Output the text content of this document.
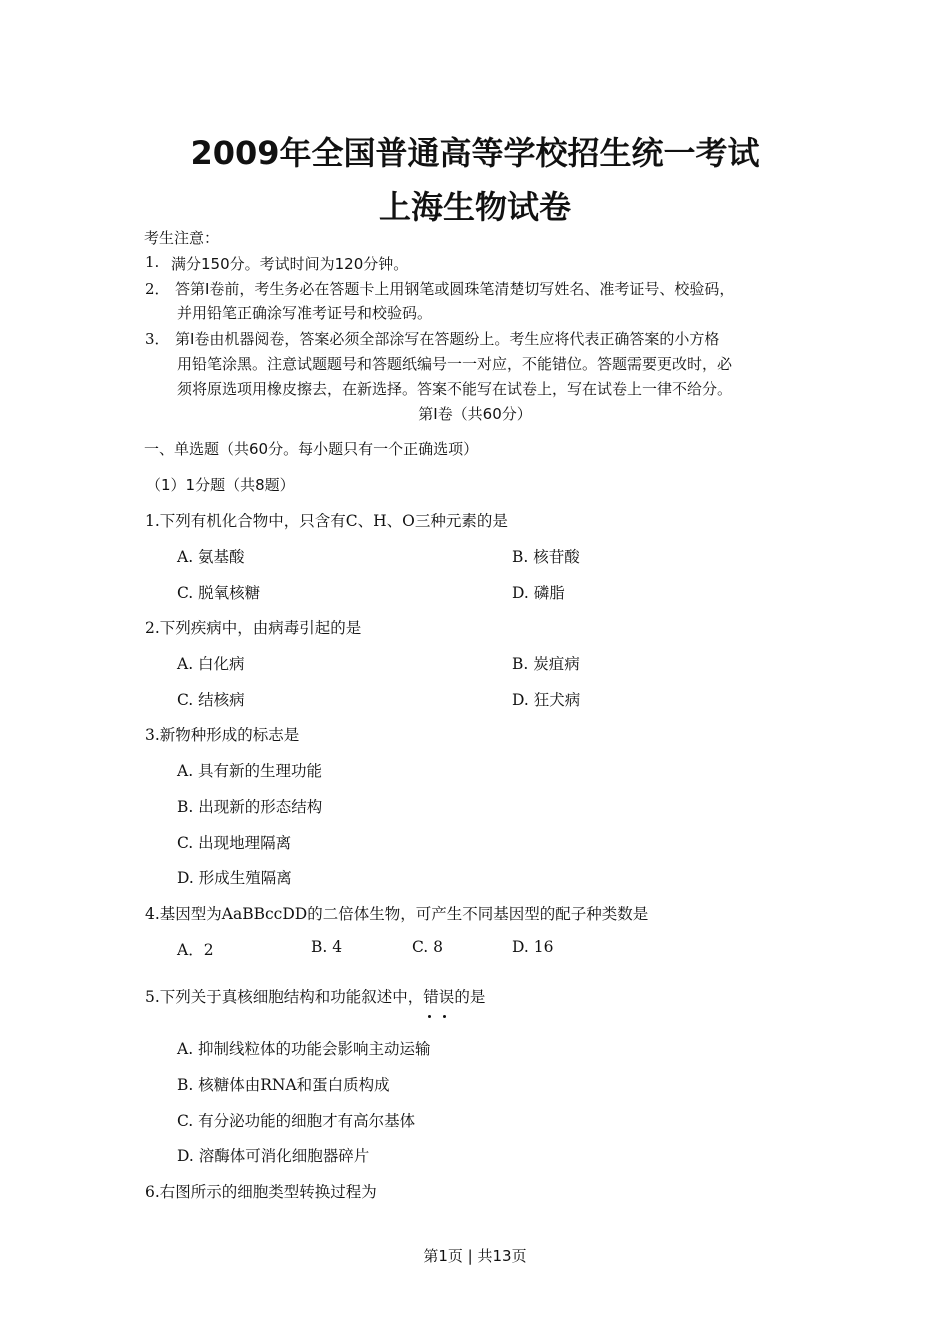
2009年全国普通高等学校招生统一考试
上海生物试卷
考生注意：
1. 满分150分。考试时间为120分钟。
2． 答第Ⅰ卷前，考生务必在答题卡上用钢笔或圆珠笔清楚切写姓名、准考证号、校验码，
并用铅笔正确涂写准考证号和校验码。
3． 第Ⅰ卷由机器阅卷，答案必须全部涂写在答题纷上。考生应将代表正确答案的小方格
用铅笔涂黑。注意试题题号和答题纸编号一一对应，不能错位。答题需要更改时，必
须将原选项用橡皮擦去，在新选择。答案不能写在试卷上，写在试卷上一律不给分。
第Ⅰ卷（共60分）
一、单选题（共60分。每小题只有一个正确选项）
（1）1分题（共8题）
1.下列有机化合物中，只含有C、H、O三种元素的是
A. 氨基酸	B. 核苷酸
C. 脱氧核糖	D. 磷脂
2.下列疾病中，由病毒引起的是
A. 白化病	B. 炭疽病
C. 结核病	D. 狂犬病
3.新物种形成的标志是
A. 具有新的生理功能
B. 出现新的形态结构
C. 出现地理隔离
D. 形成生殖隔离
4.基因型为AaBBccDD的二倍体生物，可产生不同基因型的配子种类数是
A．2	B. 4	C. 8	D. 16
5.下列关于真核细胞结构和功能叙述中，错误
的是
A. 抑制线粒体的功能会影响主动运输
B. 核糖体由RNA和蛋白质构成
C. 有分泌功能的细胞才有高尔基体
D. 溶酶体可消化细胞器碎片
6.右图所示的细胞类型转换过程为
第1页 | 共13页
